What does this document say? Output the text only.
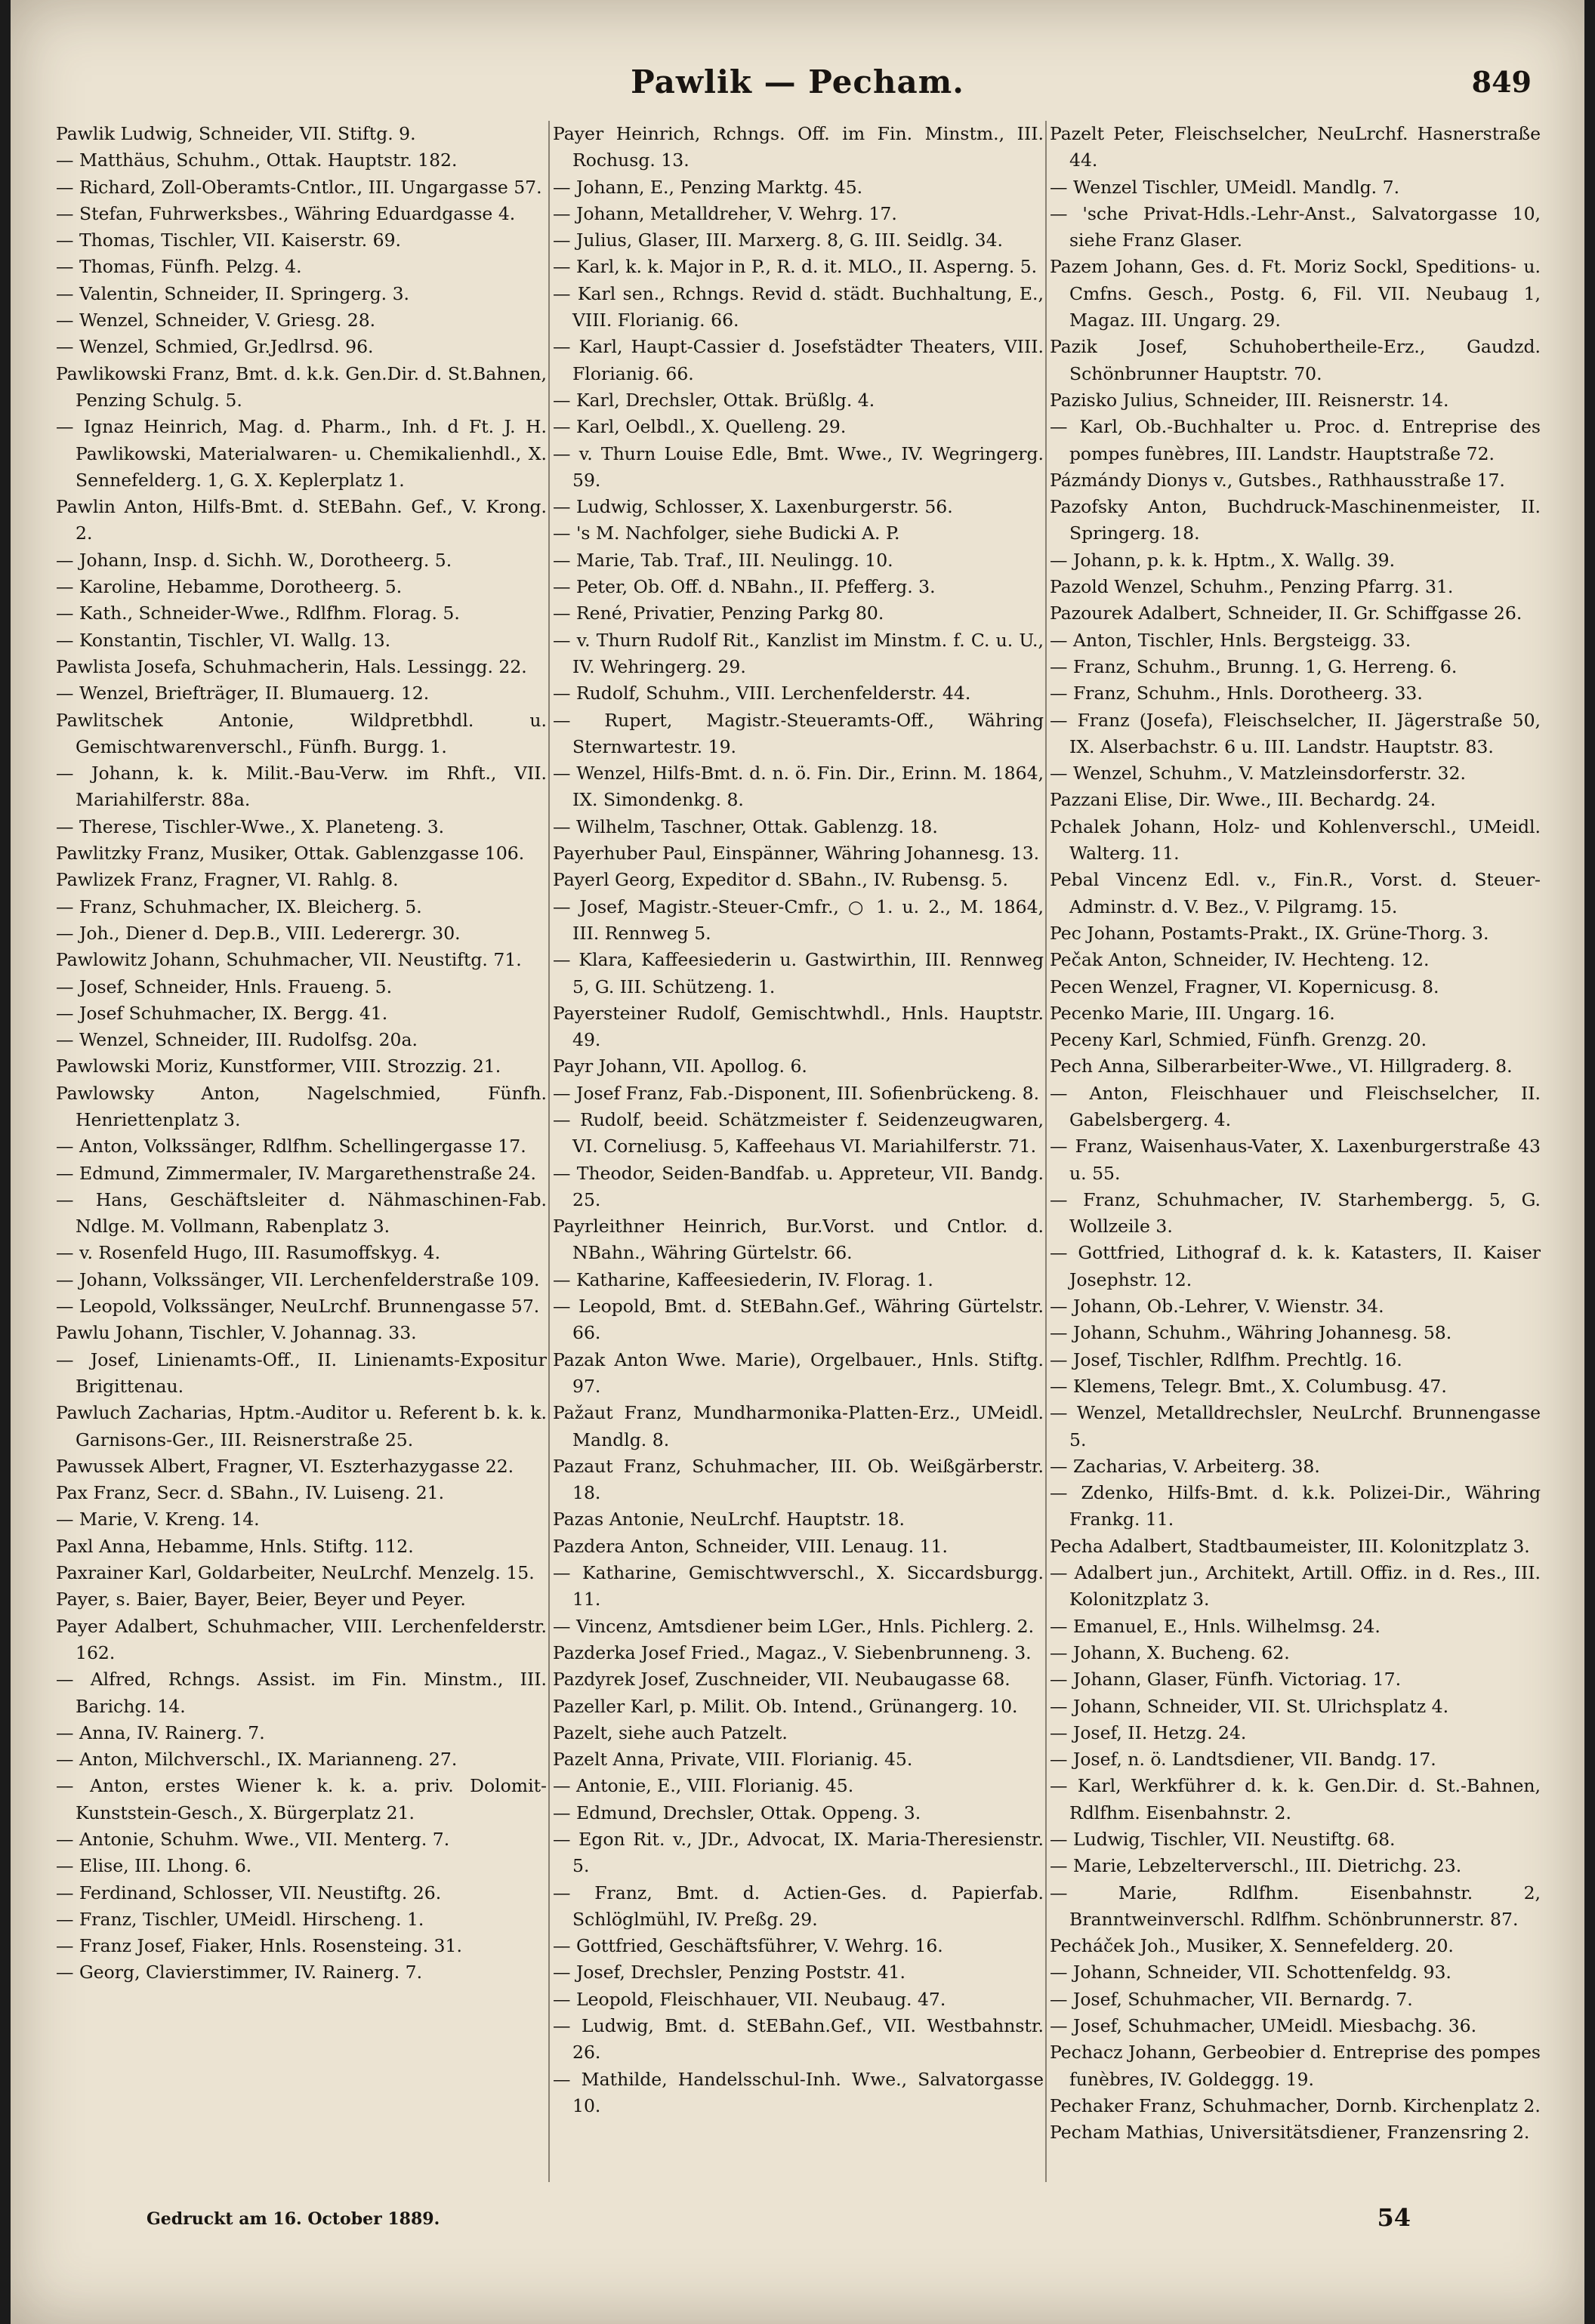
Pawlik — Pecham.	849

Pawlik Ludwig, Schneider, VII. Stiftg. 9.

— Matthäus, Schuhm., Ottak. Hauptstr. 182.

— Richard, Zoll-Oberamts-Cntlor., III. Ungargasse 57.

— Stefan, Fuhrwerksbes., Währing Eduardgasse 4.

— Thomas, Tischler, VII. Kaiserstr. 69.

— Thomas, Fünfh. Pelzg. 4.

— Valentin, Schneider, II. Springerg. 3.

— Wenzel, Schneider, V. Griesg. 28.

— Wenzel, Schmied, Gr.Jedlrsd. 96.

Pawlikowski Franz, Bmt. d. k.k. Gen.Dir. d. St.Bahnen, Penzing Schulg. 5.

— Ignaz Heinrich, Mag. d. Pharm., Inh. d Ft. J. H. Pawlikowski, Materialwaren- u. Chemikalienhdl., X. Sennefelderg. 1, G. X. Keplerplatz 1.

Pawlin Anton, Hilfs-Bmt. d. StEBahn. Gef., V. Krong. 2.

— Johann, Insp. d. Sichh. W., Dorotheerg. 5.

— Karoline, Hebamme, Dorotheerg. 5.

— Kath., Schneider-Wwe., Rdlfhm. Florag. 5.

— Konstantin, Tischler, VI. Wallg. 13.

Pawlista Josefa, Schuhmacherin, Hals. Lessingg. 22.

— Wenzel, Briefträger, II. Blumauerg. 12.

Pawlitschek Antonie, Wildpretbhdl. u. Gemischtwarenverschl., Fünfh. Burgg. 1.

— Johann, k. k. Milit.-Bau-Verw. im Rhft., VII. Mariahilferstr. 88a.

— Therese, Tischler-Wwe., X. Planeteng. 3.

Pawlitzky Franz, Musiker, Ottak. Gablenzgasse 106.

Pawlizek Franz, Fragner, VI. Rahlg. 8.

— Franz, Schuhmacher, IX. Bleicherg. 5.

— Joh., Diener d. Dep.B., VIII. Lederergr. 30.

Pawlowitz Johann, Schuhmacher, VII. Neustiftg. 71.

— Josef, Schneider, Hnls. Fraueng. 5.

— Josef Schuhmacher, IX. Bergg. 41.

— Wenzel, Schneider, III. Rudolfsg. 20a.

Pawlowski Moriz, Kunstformer, VIII. Strozzig. 21.

Pawlowsky Anton, Nagelschmied, Fünfh. Henriettenplatz 3.

— Anton, Volkssänger, Rdlfhm. Schellingergasse 17.

— Edmund, Zimmermaler, IV. Margarethenstraße 24.

— Hans, Geschäftsleiter d. Nähmaschinen-Fab. Ndlge. M. Vollmann, Rabenplatz 3.

— v. Rosenfeld Hugo, III. Rasumoffskyg. 4.

— Johann, Volkssänger, VII. Lerchenfelderstraße 109.

— Leopold, Volkssänger, NeuLrchf. Brunnengasse 57.

Pawlu Johann, Tischler, V. Johannag. 33.

— Josef, Linienamts-Off., II. Linienamts-Expositur Brigittenau.

Pawluch Zacharias, Hptm.-Auditor u. Referent b. k. k. Garnisons-Ger., III. Reisnerstraße 25.

Pawussek Albert, Fragner, VI. Eszterhazygasse 22.

Pax Franz, Secr. d. SBahn., IV. Luiseng. 21.

— Marie, V. Kreng. 14.

Paxl Anna, Hebamme, Hnls. Stiftg. 112.

Paxrainer Karl, Goldarbeiter, NeuLrchf. Menzelg. 15.

Payer, s. Baier, Bayer, Beier, Beyer und Peyer.

Payer Adalbert, Schuhmacher, VIII. Lerchenfelderstr. 162.

— Alfred, Rchngs. Assist. im Fin. Minstm., III. Barichg. 14.

— Anna, IV. Rainerg. 7.

— Anton, Milchverschl., IX. Marianneng. 27.

— Anton, erstes Wiener k. k. a. priv. Dolomit-Kunststein-Gesch., X. Bürgerplatz 21.

— Antonie, Schuhm. Wwe., VII. Menterg. 7.

— Elise, III. Lhong. 6.

— Ferdinand, Schlosser, VII. Neustiftg. 26.

— Franz, Tischler, UMeidl. Hirscheng. 1.

— Franz Josef, Fiaker, Hnls. Rosensteing. 31.

— Georg, Clavierstimmer, IV. Rainerg. 7.

Payer Heinrich, Rchngs. Off. im Fin. Minstm., III. Rochusg. 13.

— Johann, E., Penzing Marktg. 45.

— Johann, Metalldreher, V. Wehrg. 17.

— Julius, Glaser, III. Marxerg. 8, G. III. Seidlg. 34.

— Karl, k. k. Major in P., R. d. it. MLO., II. Asperng. 5.

— Karl sen., Rchngs. Revid d. städt. Buchhaltung, E., VIII. Florianig. 66.

— Karl, Haupt-Cassier d. Josefstädter Theaters, VIII. Florianig. 66.

— Karl, Drechsler, Ottak. Brüßlg. 4.

— Karl, Oelbdl., X. Quelleng. 29.

— v. Thurn Louise Edle, Bmt. Wwe., IV. Wegringerg. 59.

— Ludwig, Schlosser, X. Laxenburgerstr. 56.

— 's M. Nachfolger, siehe Budicki A. P.

— Marie, Tab. Traf., III. Neulingg. 10.

— Peter, Ob. Off. d. NBahn., II. Pfefferg. 3.

— René, Privatier, Penzing Parkg 80.

— v. Thurn Rudolf Rit., Kanzlist im Minstm. f. C. u. U., IV. Wehringerg. 29.

— Rudolf, Schuhm., VIII. Lerchenfelderstr. 44.

— Rupert, Magistr.-Steueramts-Off., Währing Sternwartestr. 19.

— Wenzel, Hilfs-Bmt. d. n. ö. Fin. Dir., Erinn. M. 1864, IX. Simondenkg. 8.

— Wilhelm, Taschner, Ottak. Gablenzg. 18.

Payerhuber Paul, Einspänner, Währing Johannesg. 13.

Payerl Georg, Expeditor d. SBahn., IV. Rubensg. 5.

— Josef, Magistr.-Steuer-Cmfr., ○ 1. u. 2., M. 1864, III. Rennweg 5.

— Klara, Kaffeesiederin u. Gastwirthin, III. Rennweg 5, G. III. Schützeng. 1.

Payersteiner Rudolf, Gemischtwhdl., Hnls. Hauptstr. 49.

Payr Johann, VII. Apollog. 6.

— Josef Franz, Fab.-Disponent, III. Sofienbrückeng. 8.

— Rudolf, beeid. Schätzmeister f. Seidenzeugwaren, VI. Corneliusg. 5, Kaffeehaus VI. Mariahilferstr. 71.

— Theodor, Seiden-Bandfab. u. Appreteur, VII. Bandg. 25.

Payrleithner Heinrich, Bur.Vorst. und Cntlor. d. NBahn., Währing Gürtelstr. 66.

— Katharine, Kaffeesiederin, IV. Florag. 1.

— Leopold, Bmt. d. StEBahn.Gef., Währing Gürtelstr. 66.

Pazak Anton Wwe. Marie), Orgelbauer., Hnls. Stiftg. 97.

Pažaut Franz, Mundharmonika-Platten-Erz., UMeidl. Mandlg. 8.

Pazaut Franz, Schuhmacher, III. Ob. Weißgärberstr. 18.

Pazas Antonie, NeuLrchf. Hauptstr. 18.

Pazdera Anton, Schneider, VIII. Lenaug. 11.

— Katharine, Gemischtwverschl., X. Siccardsburgg. 11.

— Vincenz, Amtsdiener beim LGer., Hnls. Pichlerg. 2.

Pazderka Josef Fried., Magaz., V. Siebenbrunneng. 3.

Pazdyrek Josef, Zuschneider, VII. Neubaugasse 68.

Pazeller Karl, p. Milit. Ob. Intend., Grünangerg. 10.

Pazelt, siehe auch Patzelt.

Pazelt Anna, Private, VIII. Florianig. 45.

— Antonie, E., VIII. Florianig. 45.

— Edmund, Drechsler, Ottak. Oppeng. 3.

— Egon Rit. v., JDr., Advocat, IX. Maria-Theresienstr. 5.

— Franz, Bmt. d. Actien-Ges. d. Papierfab. Schlöglmühl, IV. Preßg. 29.

— Gottfried, Geschäftsführer, V. Wehrg. 16.

— Josef, Drechsler, Penzing Poststr. 41.

— Leopold, Fleischhauer, VII. Neubaug. 47.

— Ludwig, Bmt. d. StEBahn.Gef., VII. Westbahnstr. 26.

— Mathilde, Handelsschul-Inh. Wwe., Salvatorgasse 10.

Pazelt Peter, Fleischselcher, NeuLrchf. Hasnerstraße 44.

— Wenzel Tischler, UMeidl. Mandlg. 7.

— 'sche Privat-Hdls.-Lehr-Anst., Salvatorgasse 10, siehe Franz Glaser.

Pazem Johann, Ges. d. Ft. Moriz Sockl, Speditions- u. Cmfns. Gesch., Postg. 6, Fil. VII. Neubaug 1, Magaz. III. Ungarg. 29.

Pazik Josef, Schuhobertheile-Erz., Gaudzd. Schönbrunner Hauptstr. 70.

Pazisko Julius, Schneider, III. Reisnerstr. 14.

— Karl, Ob.-Buchhalter u. Proc. d. Entreprise des pompes funèbres, III. Landstr. Hauptstraße 72.

Pázmándy Dionys v., Gutsbes., Rathhausstraße 17.

Pazofsky Anton, Buchdruck-Maschinenmeister, II. Springerg. 18.

— Johann, p. k. k. Hptm., X. Wallg. 39.

Pazold Wenzel, Schuhm., Penzing Pfarrg. 31.

Pazourek Adalbert, Schneider, II. Gr. Schiffgasse 26.

— Anton, Tischler, Hnls. Bergsteigg. 33.

— Franz, Schuhm., Brunng. 1, G. Herreng. 6.

— Franz, Schuhm., Hnls. Dorotheerg. 33.

— Franz (Josefa), Fleischselcher, II. Jägerstraße 50, IX. Alserbachstr. 6 u. III. Landstr. Hauptstr. 83.

— Wenzel, Schuhm., V. Matzleinsdorferstr. 32.

Pazzani Elise, Dir. Wwe., III. Bechardg. 24.

Pchalek Johann, Holz- und Kohlenverschl., UMeidl. Walterg. 11.

Pebal Vincenz Edl. v., Fin.R., Vorst. d. Steuer-Adminstr. d. V. Bez., V. Pilgramg. 15.

Pec Johann, Postamts-Prakt., IX. Grüne-Thorg. 3.

Pečak Anton, Schneider, IV. Hechteng. 12.

Pecen Wenzel, Fragner, VI. Kopernicusg. 8.

Pecenko Marie, III. Ungarg. 16.

Peceny Karl, Schmied, Fünfh. Grenzg. 20.

Pech Anna, Silberarbeiter-Wwe., VI. Hillgraderg. 8.

— Anton, Fleischhauer und Fleischselcher, II. Gabelsbergerg. 4.

— Franz, Waisenhaus-Vater, X. Laxenburgerstraße 43 u. 55.

— Franz, Schuhmacher, IV. Starhembergg. 5, G. Wollzeile 3.

— Gottfried, Lithograf d. k. k. Katasters, II. Kaiser Josephstr. 12.

— Johann, Ob.-Lehrer, V. Wienstr. 34.

— Johann, Schuhm., Währing Johannesg. 58.

— Josef, Tischler, Rdlfhm. Prechtlg. 16.

— Klemens, Telegr. Bmt., X. Columbusg. 47.

— Wenzel, Metalldrechsler, NeuLrchf. Brunnengasse 5.

— Zacharias, V. Arbeiterg. 38.

— Zdenko, Hilfs-Bmt. d. k.k. Polizei-Dir., Währing Frankg. 11.

Pecha Adalbert, Stadtbaumeister, III. Kolonitzplatz 3.

— Adalbert jun., Architekt, Artill. Offiz. in d. Res., III. Kolonitzplatz 3.

— Emanuel, E., Hnls. Wilhelmsg. 24.

— Johann, X. Bucheng. 62.

— Johann, Glaser, Fünfh. Victoriag. 17.

— Johann, Schneider, VII. St. Ulrichsplatz 4.

— Josef, II. Hetzg. 24.

— Josef, n. ö. Landtsdiener, VII. Bandg. 17.

— Karl, Werkführer d. k. k. Gen.Dir. d. St.-Bahnen, Rdlfhm. Eisenbahnstr. 2.

— Ludwig, Tischler, VII. Neustiftg. 68.

— Marie, Lebzelterverschl., III. Dietrichg. 23.

— Marie, Rdlfhm. Eisenbahnstr. 2, Branntweinverschl. Rdlfhm. Schönbrunnerstr. 87.

Pecháček Joh., Musiker, X. Sennefelderg. 20.

— Johann, Schneider, VII. Schottenfeldg. 93.

— Josef, Schuhmacher, VII. Bernardg. 7.

— Josef, Schuhmacher, UMeidl. Miesbachg. 36.

Pechacz Johann, Gerbeobier d. Entreprise des pompes funèbres, IV. Goldeggg. 19.

Pechaker Franz, Schuhmacher, Dornb. Kirchenplatz 2.

Pecham Mathias, Universitätsdiener, Franzensring 2.

Gedruckt am 16. October 1889.	54
